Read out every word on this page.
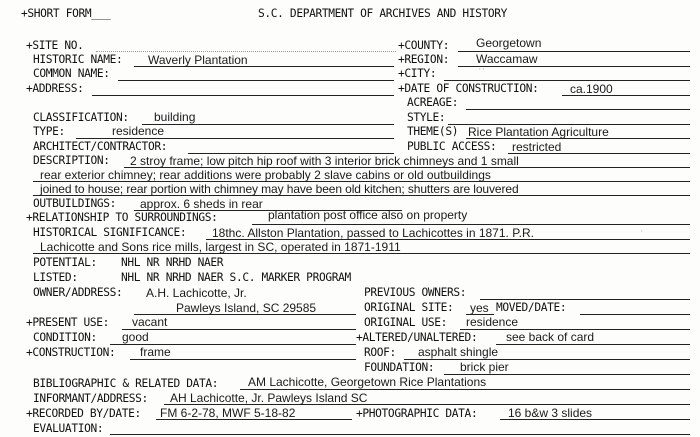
+SHORT FORM___	S.C. DEPARTMENT OF ARCHIVES AND HISTORY
+SITE NO.	+COUNTY: Georgetown
HISTORIC NAME: Waverly Plantation	+REGION: Waccamaw
COMMON NAME:	+CITY:
+ADDRESS:	+DATE OF CONSTRUCTION:	ca.1900
ACREAGE:
CLASSIFICATION: building	STYLE:
TYPE:	residence	THEME(S) Rice Plantation Agriculture
ARCHITECT/CONTRACTOR:	PUBLIC ACCESS: restricted
DESCRIPTION: 2 stroy frame; low pitch hip roof with 3 interior brick chimneys and 1 small
rear exterior chimney; rear additions were probably 2 slave cabins or old outbuildings
joined to house; rear portion with chimney may have been old kitchen; shutters are louvered
OUTBUILDINGS: approx. 6 sheds in rear
+RELATIONSHIP TO SURROUNDINGS:	plantation post office also on property
HISTORICAL SIGNIFICANCE: 18thc. Allston Plantation, passed to Lachicottes in 1871. P.R.
Lachicotte and Sons rice mills, largest in SC, operated in 1871-1911
POTENTIAL: NHL NR NRHD NAER
LISTED:	NHL NR NRHD NAER S.C. MARKER PROGRAM
OWNER/ADDRESS: A.H. Lachicotte, Jr.	PREVIOUS OWNERS:
Pawleys Island, SC 29585	ORIGINAL SITE: yes MOVED/DATE:
+PRESENT USE: vacant	ORIGINAL USE: residence
CONDITION: good	+ALTERED/UNALTERED: see back of card
+CONSTRUCTION: frame	ROOF: asphalt shingle
FOUNDATION: brick pier
BIBLIOGRAPHIC & RELATED DATA: AM Lachicotte, Georgetown Rice Plantations
INFORMANT/ADDRESS: AH Lachicotte, Jr. Pawleys Island SC
+RECORDED BY/DATE: FM 6-2-78, MWF 5-18-82	+PHOTOGRAPHIC DATA:	16 b&w 3 slides
EVALUATION:
⋅⋅
⋅
